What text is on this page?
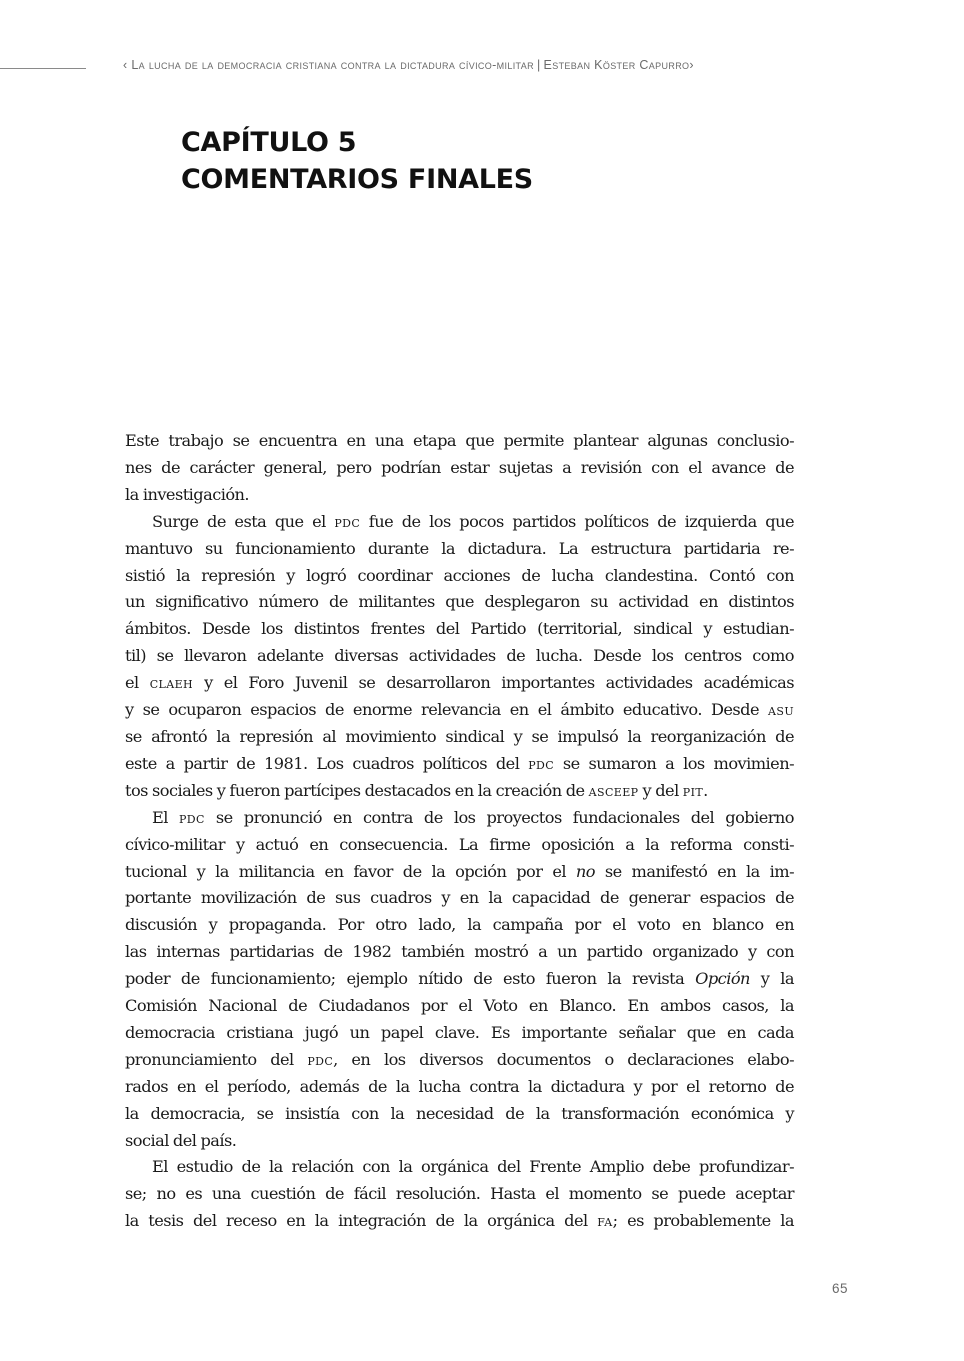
‹ La lucha de la democracia cristiana contra la dictadura cívico-militar | Esteban Köster Capurro›
CAPÍTULO 5
COMENTARIOS FINALES
Este trabajo se encuentra en una etapa que permite plantear algunas conclusio-
nes de carácter general, pero podrían estar sujetas a revisión con el avance de
la investigación.
Surge de esta que el pdc fue de los pocos partidos políticos de izquierda que
mantuvo su funcionamiento durante la dictadura. La estructura partidaria re-
sistió la represión y logró coordinar acciones de lucha clandestina. Contó con
un significativo número de militantes que desplegaron su actividad en distintos
ámbitos. Desde los distintos frentes del Partido (territorial, sindical y estudian-
til) se llevaron adelante diversas actividades de lucha. Desde los centros como
el claeh y el Foro Juvenil se desarrollaron importantes actividades académicas
y se ocuparon espacios de enorme relevancia en el ámbito educativo. Desde asu
se afrontó la represión al movimiento sindical y se impulsó la reorganización de
este a partir de 1981. Los cuadros políticos del pdc se sumaron a los movimien-
tos sociales y fueron partícipes destacados en la creación de asceep y del pit.
El pdc se pronunció en contra de los proyectos fundacionales del gobierno
cívico-militar y actuó en consecuencia. La firme oposición a la reforma consti-
tucional y la militancia en favor de la opción por el no se manifestó en la im-
portante movilización de sus cuadros y en la capacidad de generar espacios de
discusión y propaganda. Por otro lado, la campaña por el voto en blanco en
las internas partidarias de 1982 también mostró a un partido organizado y con
poder de funcionamiento; ejemplo nítido de esto fueron la revista Opción y la
Comisión Nacional de Ciudadanos por el Voto en Blanco. En ambos casos, la
democracia cristiana jugó un papel clave. Es importante señalar que en cada
pronunciamiento del pdc, en los diversos documentos o declaraciones elabo-
rados en el período, además de la lucha contra la dictadura y por el retorno de
la democracia, se insistía con la necesidad de la transformación económica y
social del país.
El estudio de la relación con la orgánica del Frente Amplio debe profundizar-
se; no es una cuestión de fácil resolución. Hasta el momento se puede aceptar
la tesis del receso en la integración de la orgánica del fa; es probablemente la
65
